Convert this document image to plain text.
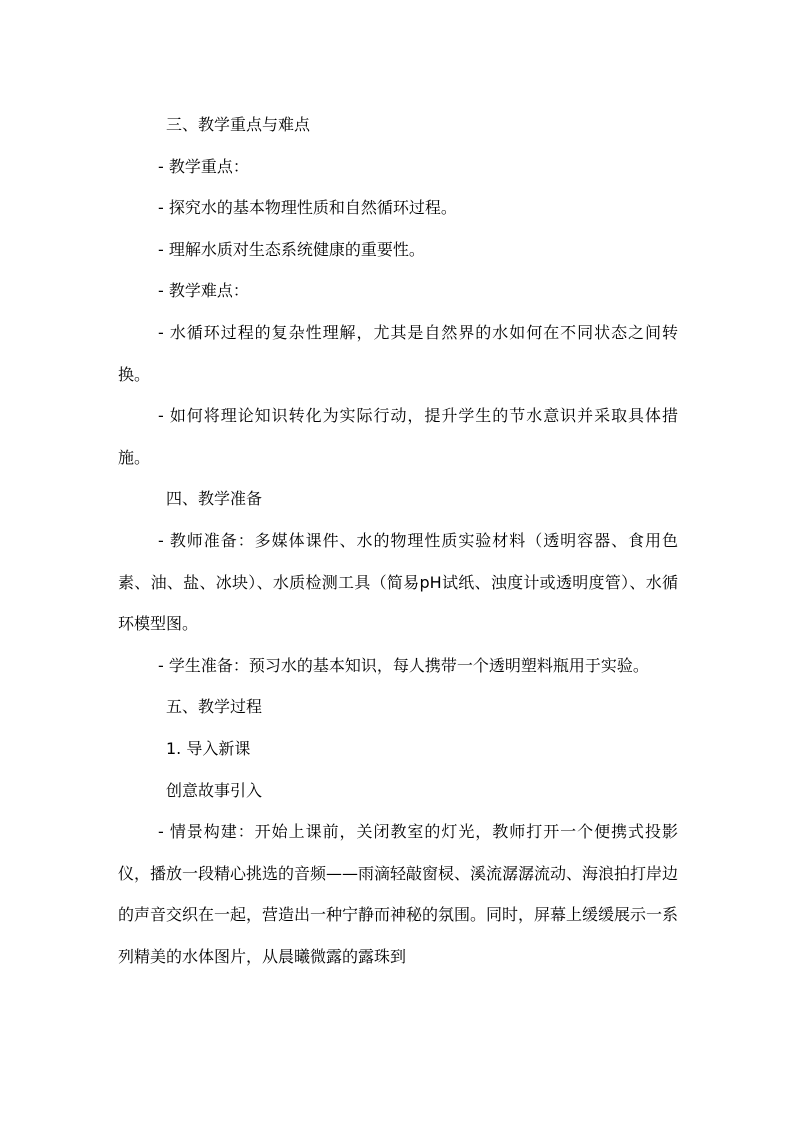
三、教学重点与难点

- 教学重点：

- 探究水的基本物理性质和自然循环过程。

- 理解水质对生态系统健康的重要性。

- 教学难点：

- 水循环过程的复杂性理解，尤其是自然界的水如何在不同状态之间转换。

- 如何将理论知识转化为实际行动，提升学生的节水意识并采取具体措施。

四、教学准备

- 教师准备：多媒体课件、水的物理性质实验材料（透明容器、食用色素、油、盐、冰块）、水质检测工具（简易pH试纸、浊度计或透明度管）、水循环模型图。

- 学生准备：预习水的基本知识，每人携带一个透明塑料瓶用于实验。

五、教学过程

1. 导入新课

创意故事引入

- 情景构建：开始上课前，关闭教室的灯光，教师打开一个便携式投影仪，播放一段精心挑选的音频——雨滴轻敲窗棂、溪流潺潺流动、海浪拍打岸边的声音交织在一起，营造出一种宁静而神秘的氛围。同时，屏幕上缓缓展示一系列精美的水体图片，从晨曦微露的露珠到
